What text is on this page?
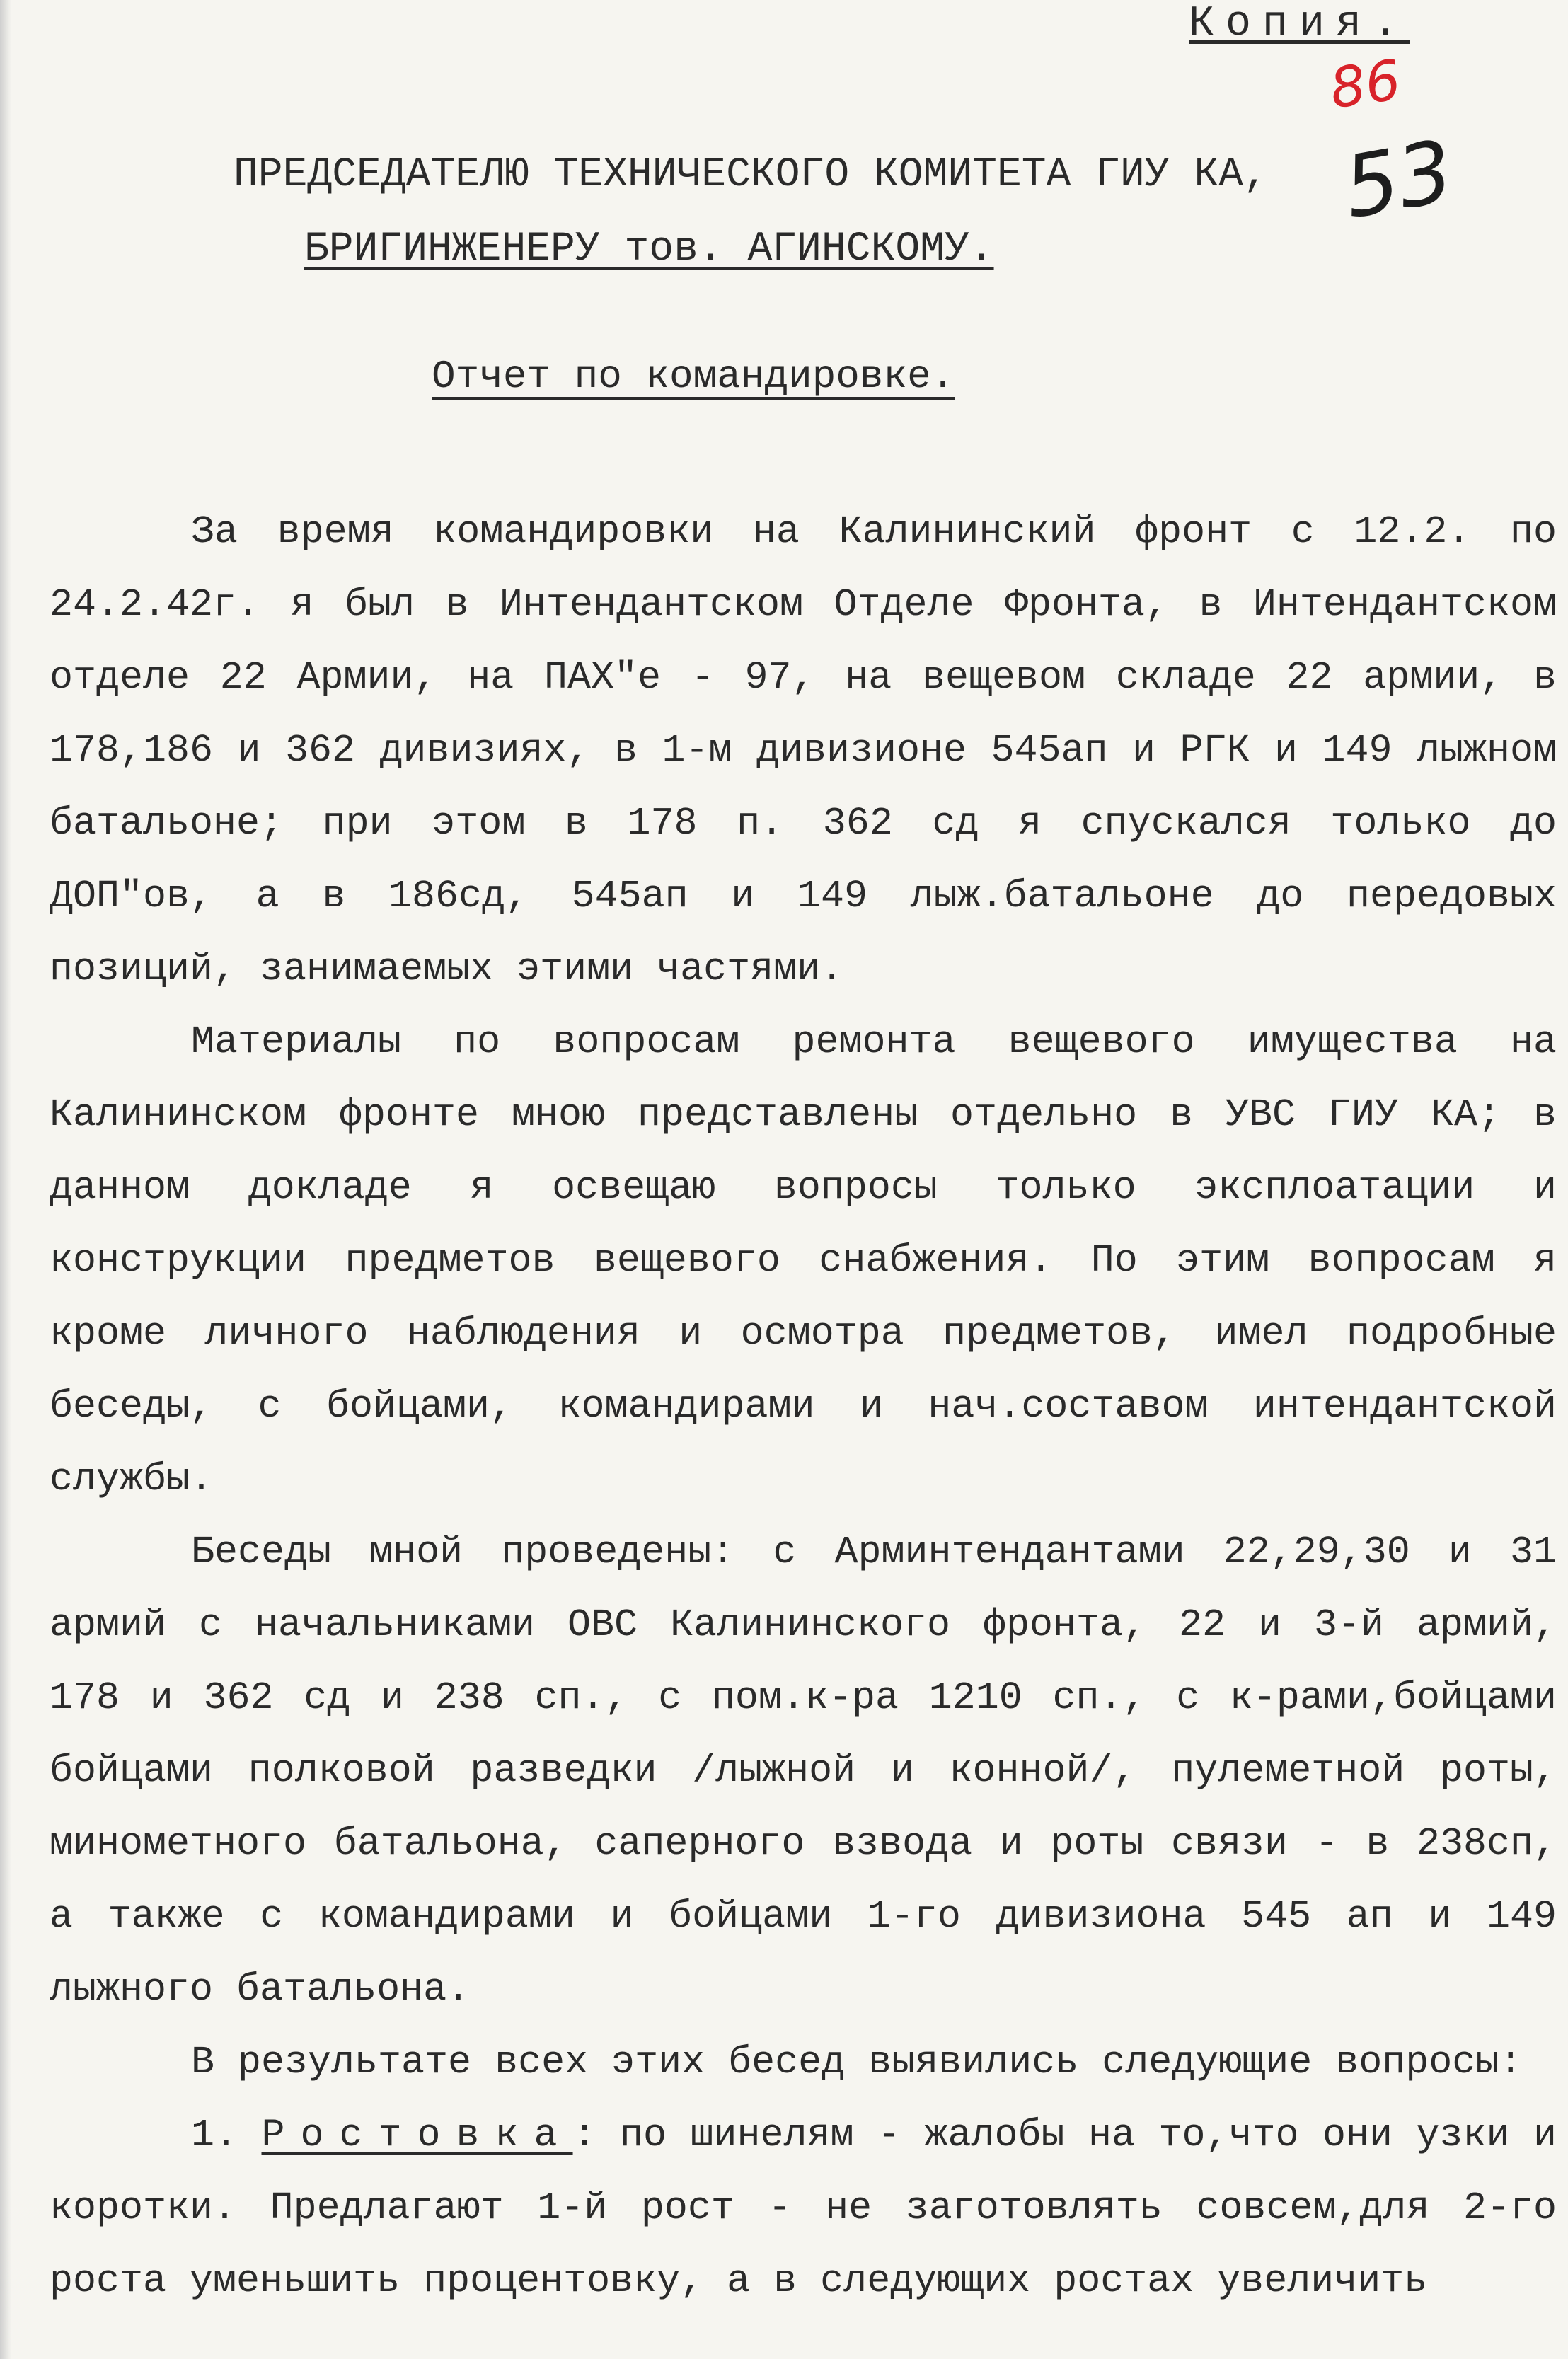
Копия.
86
53
ПРЕДСЕДАТЕЛЮ ТЕХНИЧЕСКОГО КОМИТЕТА ГИУ КА,
БРИГИНЖЕНЕРУ тов. АГИНСКОМУ.
Отчет по командировке.

За время командировки на Калининский фронт с 12.2. по 24.2.42г. я был в Интендантском Отделе Фронта, в Интендантском отделе 22 Армии, на ПАХ"е - 97, на вещевом складе 22 армии, в 178,186 и 362 дивизиях, в 1-м дивизионе 545ап и РГК и 149 лыжном батальоне; при этом в 178 п. 362 сд я спускался только до ДОП"ов, а в 186сд, 545ап и 149 лыж.батальоне до передовых позиций, занимаемых этими частями.

Материалы по вопросам ремонта вещевого имущества на Калининском фронте мною представлены отдельно в УВС ГИУ КА; в данном докладе я освещаю вопросы только эксплоатации и конструкции предметов вещевого снабжения. По этим вопросам я кроме личного наблюдения и осмотра предметов, имел подробные беседы, с бойцами, командирами и нач.составом интендантской службы.

Беседы мной проведены: с Арминтендантами 22,29,30 и 31 армий с начальниками ОВС Калининского фронта, 22 и 3-й армий, 178 и 362 сд и 238 сп., с пом.к-ра 1210 сп., с к-рами,бойцами бойцами полковой разведки /лыжной и конной/, пулеметной роты, минометного батальона, саперного взвода и роты связи - в 238сп, а также с командирами и бойцами 1-го дивизиона 545 ап и 149 лыжного батальона.

В результате всех этих бесед выявились следующие вопросы:

1. Ростовка: по шинелям - жалобы на то,что они узки и коротки. Предлагают 1-й рост - не заготовлять совсем,для 2-го роста уменьшить процентовку, а в следующих ростах увеличить
